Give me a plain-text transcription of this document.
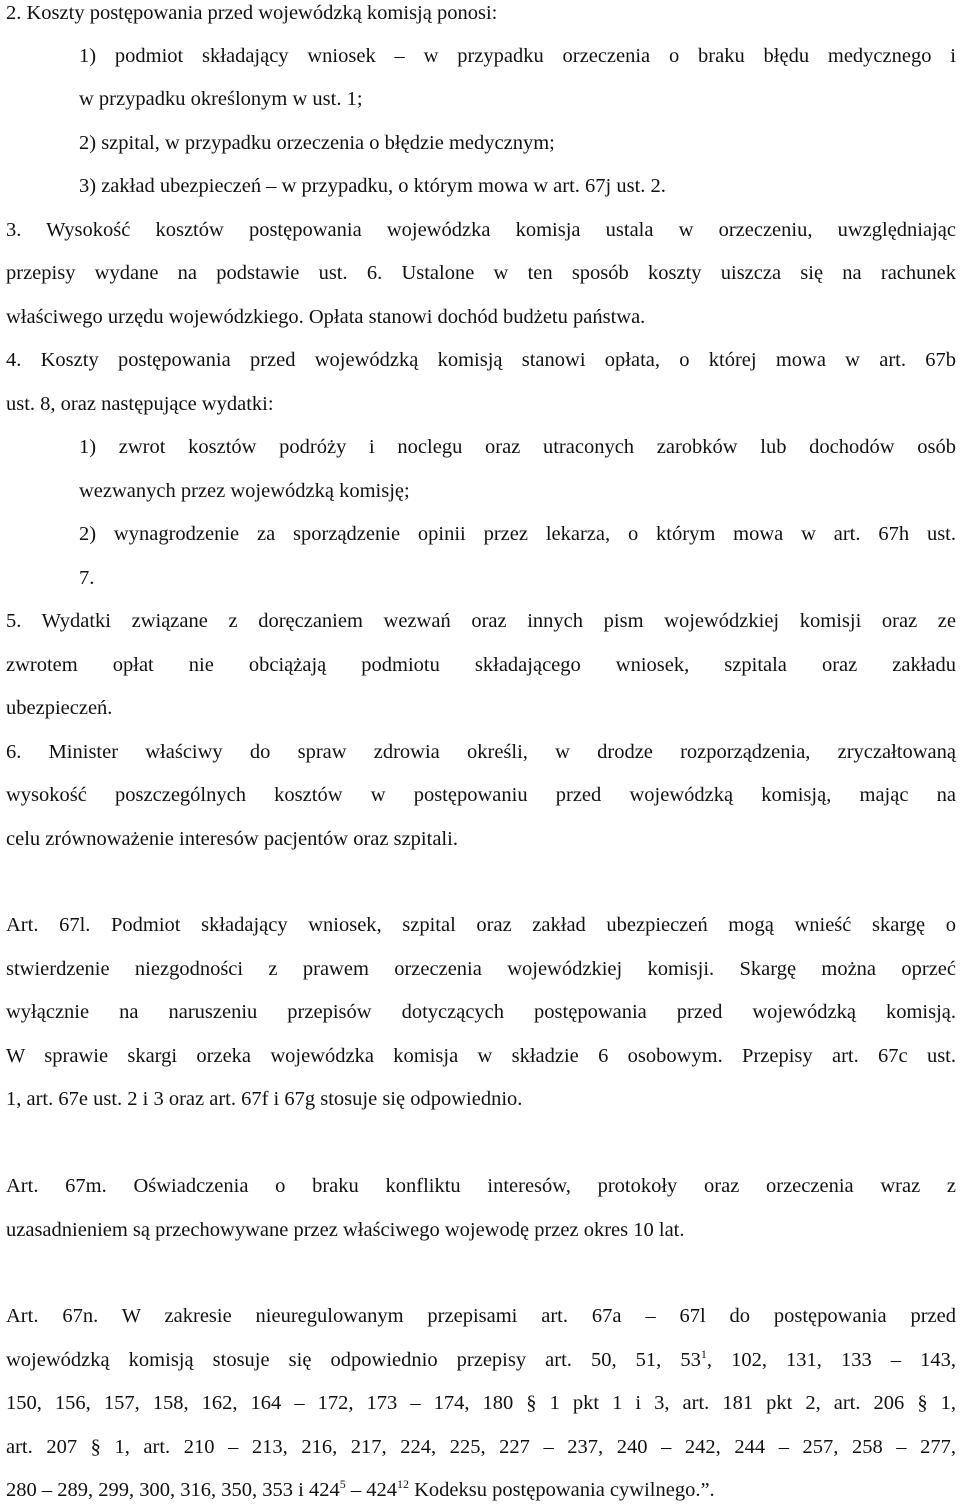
2. Koszty postępowania przed wojewódzką komisją ponosi:
1) podmiot składający wniosek – w przypadku orzeczenia o braku błędu medycznego i
w przypadku określonym w ust. 1;
2) szpital, w przypadku orzeczenia o błędzie medycznym;
3) zakład ubezpieczeń – w przypadku, o którym mowa w art. 67j ust. 2.
3. Wysokość kosztów postępowania wojewódzka komisja ustala w orzeczeniu, uwzględniając
przepisy wydane na podstawie ust. 6. Ustalone w ten sposób koszty uiszcza się na rachunek
właściwego urzędu wojewódzkiego. Opłata stanowi dochód budżetu państwa.
4. Koszty postępowania przed wojewódzką komisją stanowi opłata, o której mowa w art. 67b
ust. 8, oraz następujące wydatki:
1) zwrot kosztów podróży i noclegu oraz utraconych zarobków lub dochodów osób
wezwanych przez wojewódzką komisję;
2) wynagrodzenie za sporządzenie opinii przez lekarza, o którym mowa w art. 67h ust.
7.
5. Wydatki związane z doręczaniem wezwań oraz innych pism wojewódzkiej komisji oraz ze
zwrotem opłat nie obciążają podmiotu składającego wniosek, szpitala oraz zakładu
ubezpieczeń.
6. Minister właściwy do spraw zdrowia określi, w drodze rozporządzenia, zryczałtowaną
wysokość poszczególnych kosztów w postępowaniu przed wojewódzką komisją, mając na
celu zrównoważenie interesów pacjentów oraz szpitali.
Art. 67l. Podmiot składający wniosek, szpital oraz zakład ubezpieczeń mogą wnieść skargę o
stwierdzenie niezgodności z prawem orzeczenia wojewódzkiej komisji. Skargę można oprzeć
wyłącznie na naruszeniu przepisów dotyczących postępowania przed wojewódzką komisją.
W sprawie skargi orzeka wojewódzka komisja w składzie 6 osobowym. Przepisy art. 67c ust.
1, art. 67e ust. 2 i 3 oraz art. 67f i 67g stosuje się odpowiednio.
Art. 67m. Oświadczenia o braku konfliktu interesów, protokoły oraz orzeczenia wraz z
uzasadnieniem są przechowywane przez właściwego wojewodę przez okres 10 lat.
Art. 67n. W zakresie nieuregulowanym przepisami art. 67a – 67l do postępowania przed
wojewódzką komisją stosuje się odpowiednio przepisy art. 50, 51, $53^1$, 102, 131, 133 – 143,
150, 156, 157, 158, 162, 164 – 172, 173 – 174, 180 § 1 pkt 1 i 3, art. 181 pkt 2, art. 206 § 1,
art. 207 § 1, art. 210 – 213, 216, 217, 224, 225, 227 – 237, 240 – 242, 244 – 257, 258 – 277,
280 – 289, 299, 300, 316, 350, 353 i $424^5 - 424^{12}$ Kodeksu postępowania cywilnego.”.
